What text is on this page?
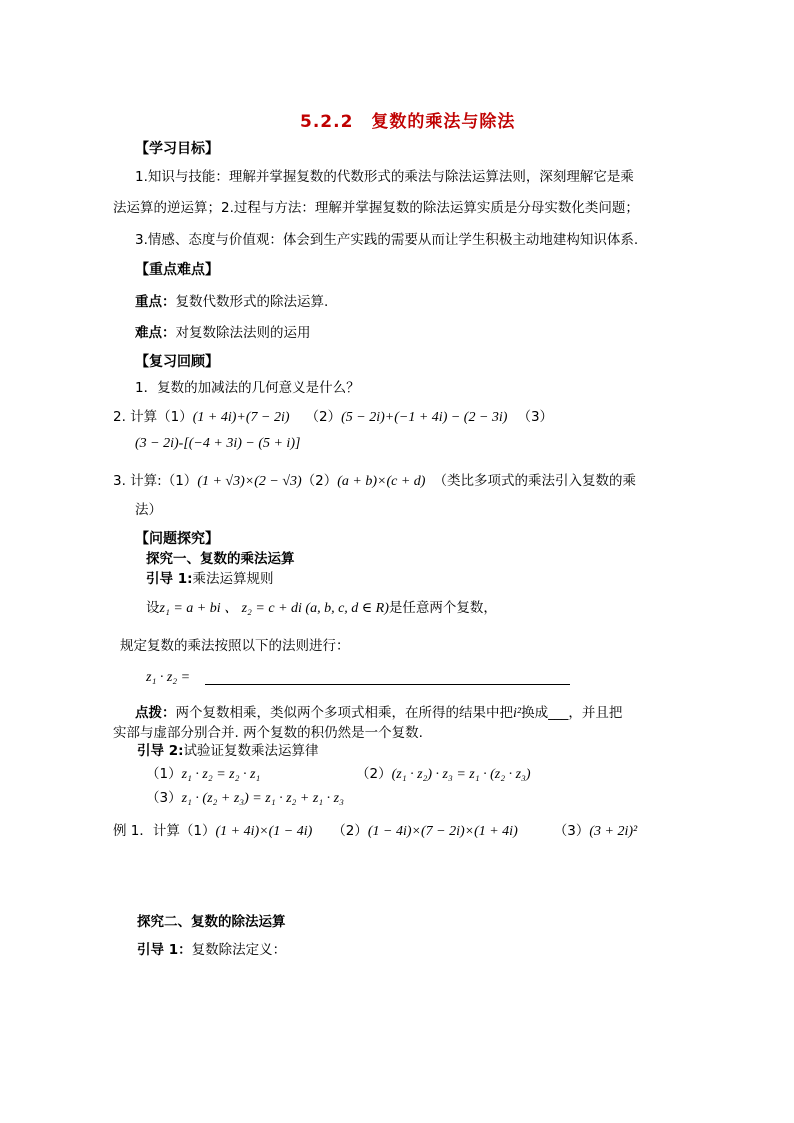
5.2.2　复数的乘法与除法
【学习目标】
1.知识与技能：理解并掌握复数的代数形式的乘法与除法运算法则，深刻理解它是乘
法运算的逆运算；2.过程与方法：理解并掌握复数的除法运算实质是分母实数化类问题；
3.情感、态度与价值观：体会到生产实践的需要从而让学生积极主动地建构知识体系.
【重点难点】
重点：复数代数形式的除法运算.
难点：对复数除法法则的运用
【复习回顾】
1．复数的加减法的几何意义是什么？
2. 计算（1）(1 + 4i)+(7 − 2i) （2）(5 − 2i)+(−1 + 4i) − (2 − 3i) （3）
(3 − 2i)-[(−4 + 3i) − (5 + i)]
3. 计算:（1）(1 + √3)×(2 − √3)（2）(a + b)×(c + d) （类比多项式的乘法引入复数的乘
法）
【问题探究】
探究一、复数的乘法运算
引导 1:乘法运算规则
设z₁ = a + bi 、 z₂ = c + di (a, b, c, d ∈ R)是任意两个复数，
规定复数的乘法按照以下的法则进行：
z₁ · z₂ =
点拨：两个复数相乘，类似两个多项式相乘，在所得的结果中把i²换成___，并且把
实部与虚部分别合并. 两个复数的积仍然是一个复数.
引导 2:试验证复数乘法运算律
（1）z₁ · z₂ = z₂ · z₁	（2）(z₁ · z₂) · z₃ = z₁ · (z₂ · z₃)
（3）z₁ · (z₂ + z₃) = z₁ · z₂ + z₁ · z₃
例 1．计算（1）(1 + 4i)×(1 − 4i) （2）(1 − 4i)×(7 − 2i)×(1 + 4i)	（3）(3 + 2i)²
探究二、复数的除法运算
引导 1：复数除法定义：
